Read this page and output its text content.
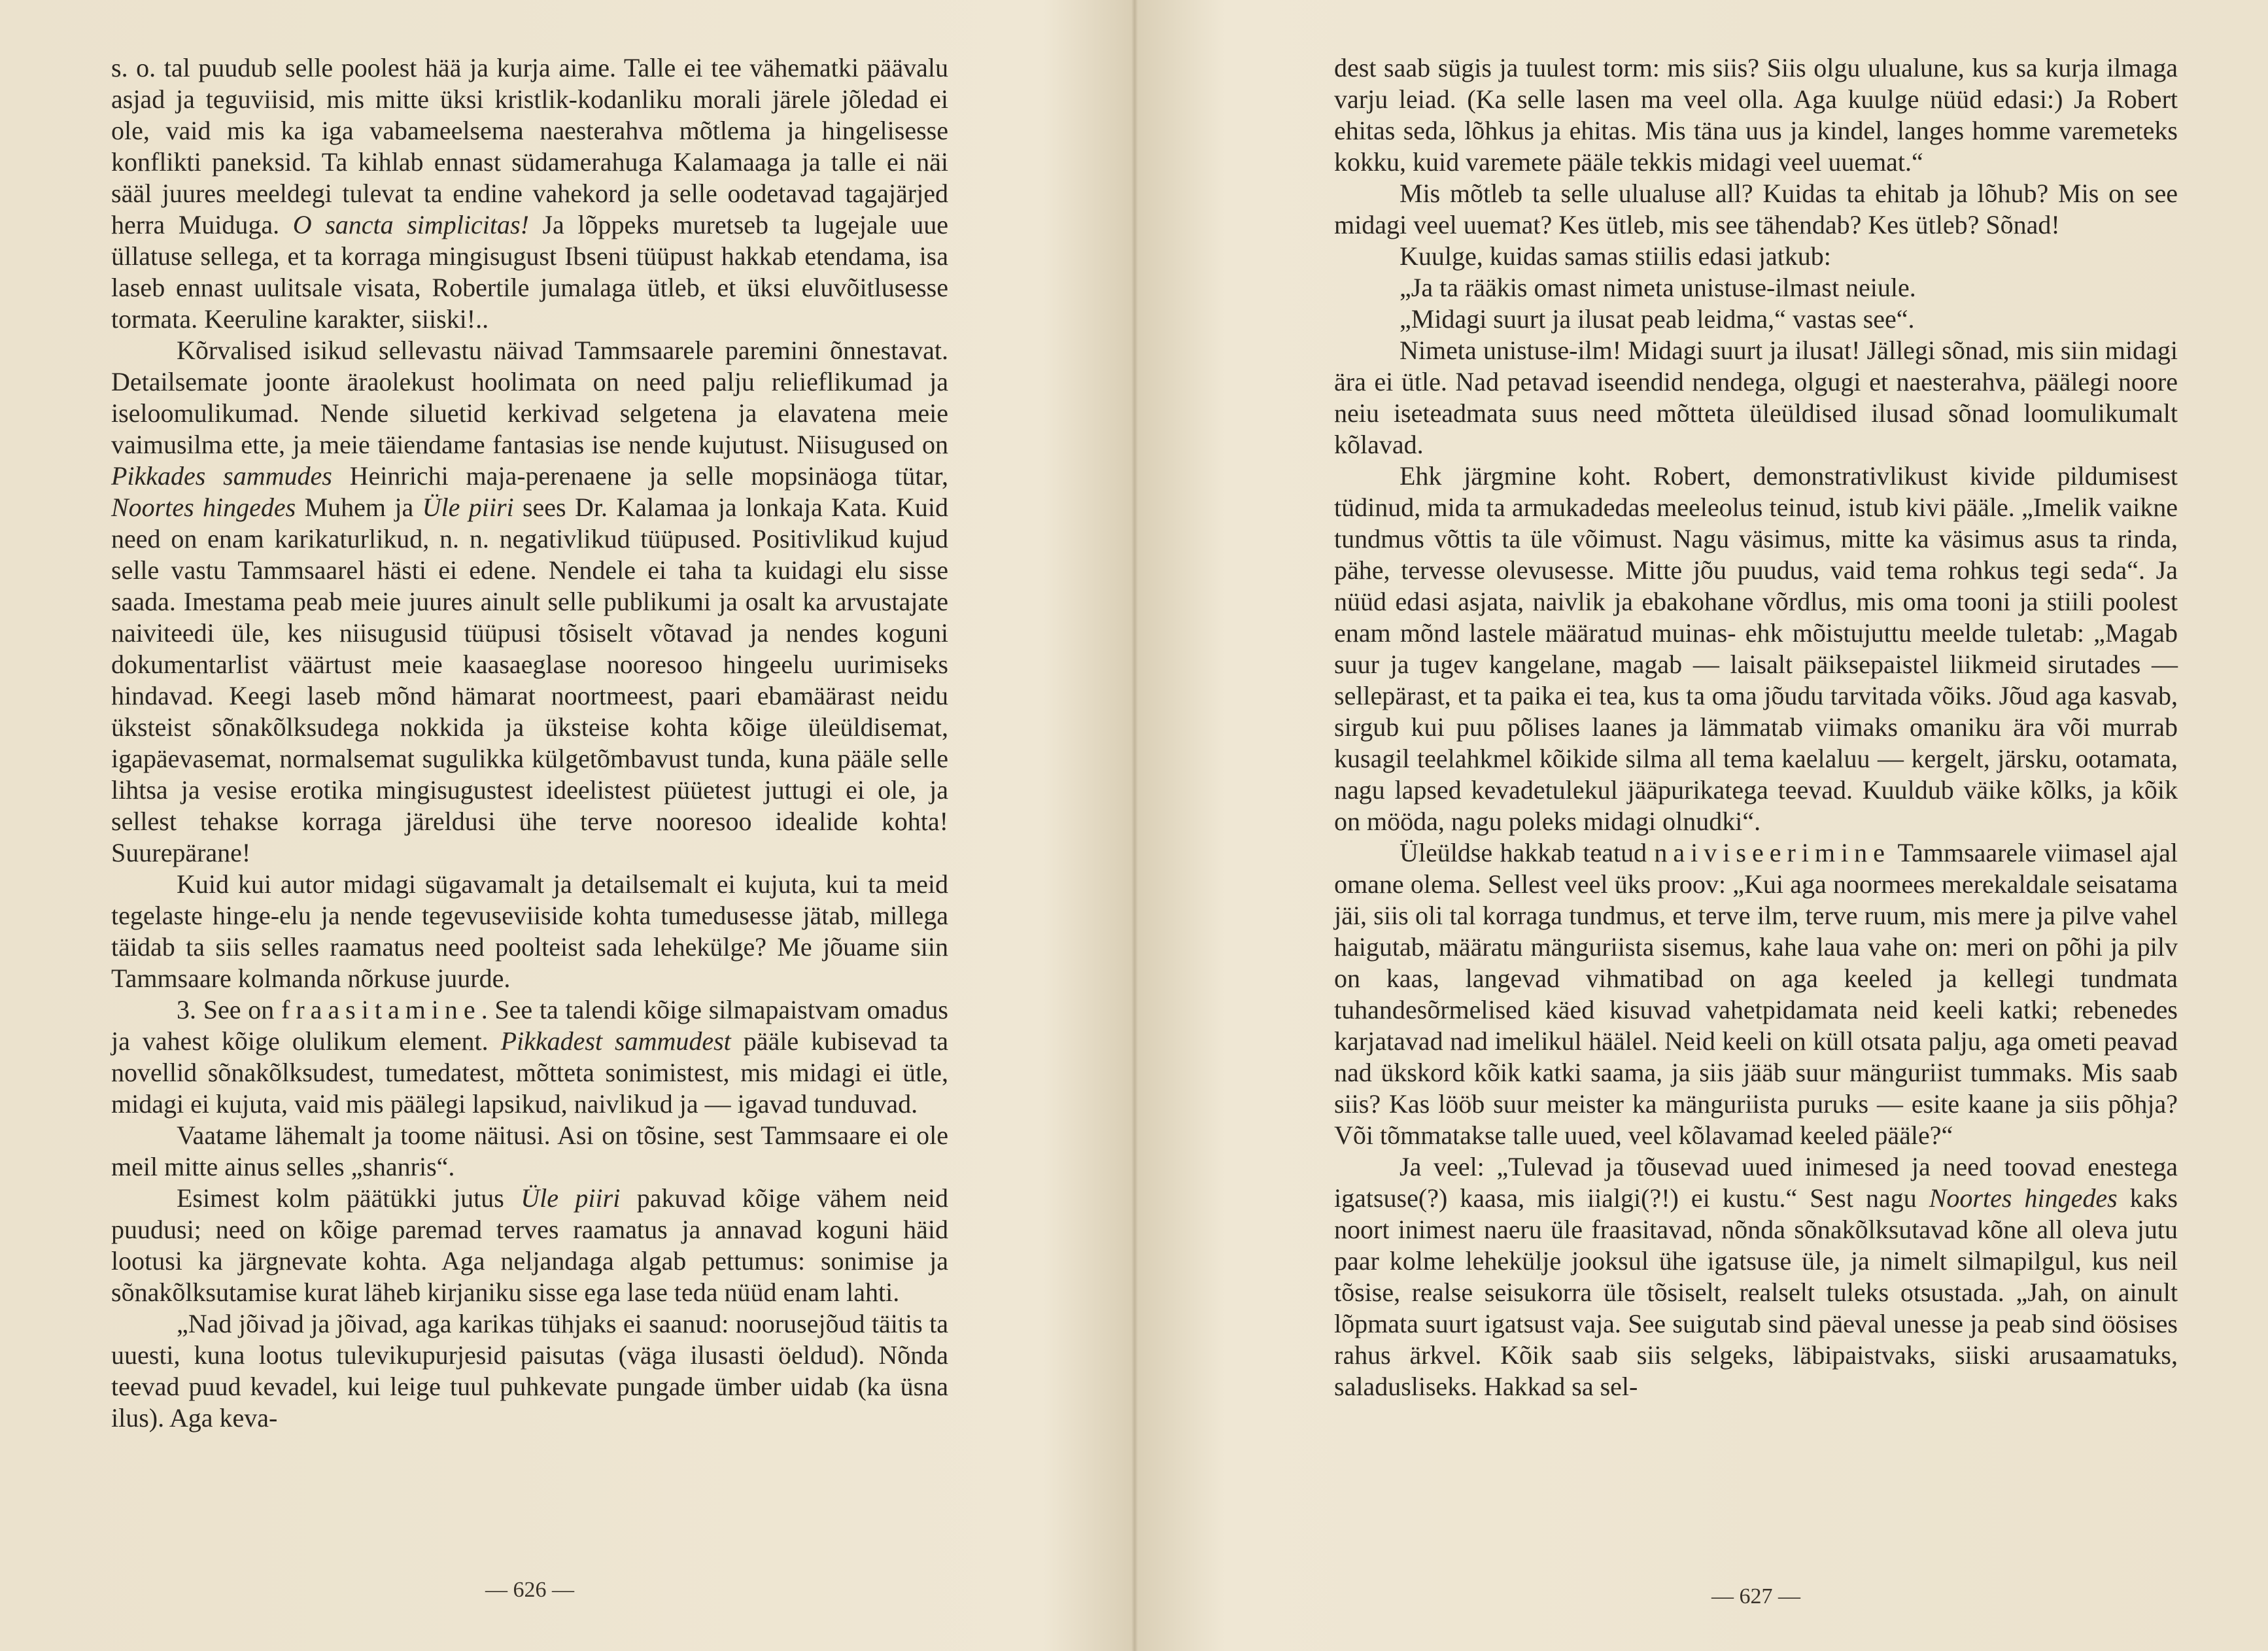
s. o. tal puudub selle poolest hää ja kurja aime. Talle ei tee vähematki päävalu asjad ja teguviisid, mis mitte üksi kristlik-kodanliku morali järele jõledad ei ole, vaid mis ka iga vabameelsema naesterahva mõtlema ja hingelisesse konflikti paneksid. Ta kihlab ennast südamerahuga Kalamaaga ja talle ei näi sääl juures meeldegi tulevat ta endine vahekord ja selle oodetavad tagajärjed herra Muiduga. O sancta simplicitas! Ja lõppeks muretseb ta lugejale uue üllatuse sellega, et ta korraga mingisugust Ibseni tüüpust hakkab etendama, isa laseb ennast uulitsale visata, Robertile jumalaga ütleb, et üksi eluvõitlusesse tormata. Keeruline karakter, siiski!..

Kõrvalised isikud sellevastu näivad Tammsaarele paremini õnnestavat. Detailsemate joonte äraolekust hoolimata on need palju relieflikumad ja iseloomulikumad. Nende siluetid kerkivad selgetena ja elavatena meie vaimusilma ette, ja meie täiendame fantasias ise nende kujutust. Niisugused on Pikkades sammudes Heinrichi maja-perenaene ja selle mopsinäoga tütar, Noortes hingedes Muhem ja Üle piiri sees Dr. Kalamaa ja lonkaja Kata. Kuid need on enam karikaturlikud, n. n. negativlikud tüüpused. Positivlikud kujud selle vastu Tammsaarel hästi ei edene. Nendele ei taha ta kuidagi elu sisse saada. Imestama peab meie juures ainult selle publikumi ja osalt ka arvustajate naiviteedi üle, kes niisugusid tüüpusi tõsiselt võtavad ja nendes koguni dokumentarlist väärtust meie kaasaeglase nooresoo hingeelu uurimiseks hindavad. Keegi laseb mõnd hämarat noortmeest, paari ebamäärast neidu üksteist sõnakõlksudega nokkida ja üksteise kohta kõige üleüldisemat, igapäevasemat, normalsemat sugulikka külgetõmbavust tunda, kuna pääle selle lihtsa ja vesise erotika mingisugustest ideelistest püüetest juttugi ei ole, ja sellest tehakse korraga järeldusi ühe terve nooresoo idealide kohta! Suurepärane!

Kuid kui autor midagi sügavamalt ja detailsemalt ei kujuta, kui ta meid tegelaste hinge-elu ja nende tegevuseviiside kohta tumedusesse jätab, millega täidab ta siis selles raamatus need poolteist sada lehekülge? Me jõuame siin Tammsaare kolmanda nõrkuse juurde.

3. See on fraasitamine. See ta talendi kõige silmapaistvam omadus ja vahest kõige olulikum element. Pikkadest sammudest pääle kubisevad ta novellid sõnakõlksudest, tumedatest, mõtteta sonimistest, mis midagi ei ütle, midagi ei kujuta, vaid mis päälegi lapsikud, naivlikud ja — igavad tunduvad.

Vaatame lähemalt ja toome näitusi. Asi on tõsine, sest Tammsaare ei ole meil mitte ainus selles „shanris“.

Esimest kolm päätükki jutus Üle piiri pakuvad kõige vähem neid puudusi; need on kõige paremad terves raamatus ja annavad koguni häid lootusi ka järgnevate kohta. Aga neljandaga algab pettumus: sonimise ja sõnakõlksutamise kurat läheb kirjaniku sisse ega lase teda nüüd enam lahti.

„Nad jõivad ja jõivad, aga karikas tühjaks ei saanud: noorusejõud täitis ta uuesti, kuna lootus tulevikupurjesid paisutas (väga ilusasti öeldud). Nõnda teevad puud kevadel, kui leige tuul puhkevate pungade ümber uidab (ka üsna ilus). Aga keva-

— 626 —

dest saab sügis ja tuulest torm: mis siis? Siis olgu ulualune, kus sa kurja ilmaga varju leiad. (Ka selle lasen ma veel olla. Aga kuulge nüüd edasi:) Ja Robert ehitas seda, lõhkus ja ehitas. Mis täna uus ja kindel, langes homme varemeteks kokku, kuid varemete pääle tekkis midagi veel uuemat.“

Mis mõtleb ta selle ulualuse all? Kuidas ta ehitab ja lõhub? Mis on see midagi veel uuemat? Kes ütleb, mis see tähendab? Kes ütleb? Sõnad!

Kuulge, kuidas samas stiilis edasi jatkub:

„Ja ta rääkis omast nimeta unistuse-ilmast neiule.

„Midagi suurt ja ilusat peab leidma,“ vastas see“.

Nimeta unistuse-ilm! Midagi suurt ja ilusat! Jällegi sõnad, mis siin midagi ära ei ütle. Nad petavad iseendid nendega, olgugi et naesterahva, päälegi noore neiu iseteadmata suus need mõtteta üleüldised ilusad sõnad loomulikumalt kõlavad.

Ehk järgmine koht. Robert, demonstrativlikust kivide pildumisest tüdinud, mida ta armukadedas meeleolus teinud, istub kivi pääle. „Imelik vaikne tundmus võttis ta üle võimust. Nagu väsimus, mitte ka väsimus asus ta rinda, pähe, tervesse olevusesse. Mitte jõu puudus, vaid tema rohkus tegi seda“. Ja nüüd edasi asjata, naivlik ja ebakohane võrdlus, mis oma tooni ja stiili poolest enam mõnd lastele määratud muinas- ehk mõistujuttu meelde tuletab: „Magab suur ja tugev kangelane, magab — laisalt päiksepaistel liikmeid sirutades — sellepärast, et ta paika ei tea, kus ta oma jõudu tarvitada võiks. Jõud aga kasvab, sirgub kui puu põlises laanes ja lämmatab viimaks omaniku ära või murrab kusagil teelahkmel kõikide silma all tema kaelaluu — kergelt, järsku, ootamata, nagu lapsed kevadetulekul jääpurikatega teevad. Kuuldub väike kõlks, ja kõik on mööda, nagu poleks midagi olnudki“.

Üleüldse hakkab teatud naiviseerimine Tammsaarele viimasel ajal omane olema. Sellest veel üks proov: „Kui aga noormees merekaldale seisatama jäi, siis oli tal korraga tundmus, et terve ilm, terve ruum, mis mere ja pilve vahel haigutab, määratu mänguriista sisemus, kahe laua vahe on: meri on põhi ja pilv on kaas, langevad vihmatibad on aga keeled ja kellegi tundmata tuhandesõrmelised käed kisuvad vahetpidamata neid keeli katki; rebenedes karjatavad nad imelikul häälel. Neid keeli on küll otsata palju, aga ometi peavad nad ükskord kõik katki saama, ja siis jääb suur mänguriist tummaks. Mis saab siis? Kas lööb suur meister ka mänguriista puruks — esite kaane ja siis põhja? Või tõmmatakse talle uued, veel kõlavamad keeled pääle?“

Ja veel: „Tulevad ja tõusevad uued inimesed ja need toovad enestega igatsuse(?) kaasa, mis iialgi(?!) ei kustu.“ Sest nagu Noortes hingedes kaks noort inimest naeru üle fraasitavad, nõnda sõnakõlksutavad kõne all oleva jutu paar kolme lehekülje jooksul ühe igatsuse üle, ja nimelt silmapilgul, kus neil tõsise, realse seisukorra üle tõsiselt, realselt tuleks otsustada. „Jah, on ainult lõpmata suurt igatsust vaja. See suigutab sind päeval unesse ja peab sind öösises rahus ärkvel. Kõik saab siis selgeks, läbipaistvaks, siiski arusaamatuks, saladusliseks. Hakkad sa sel-

— 627 —
